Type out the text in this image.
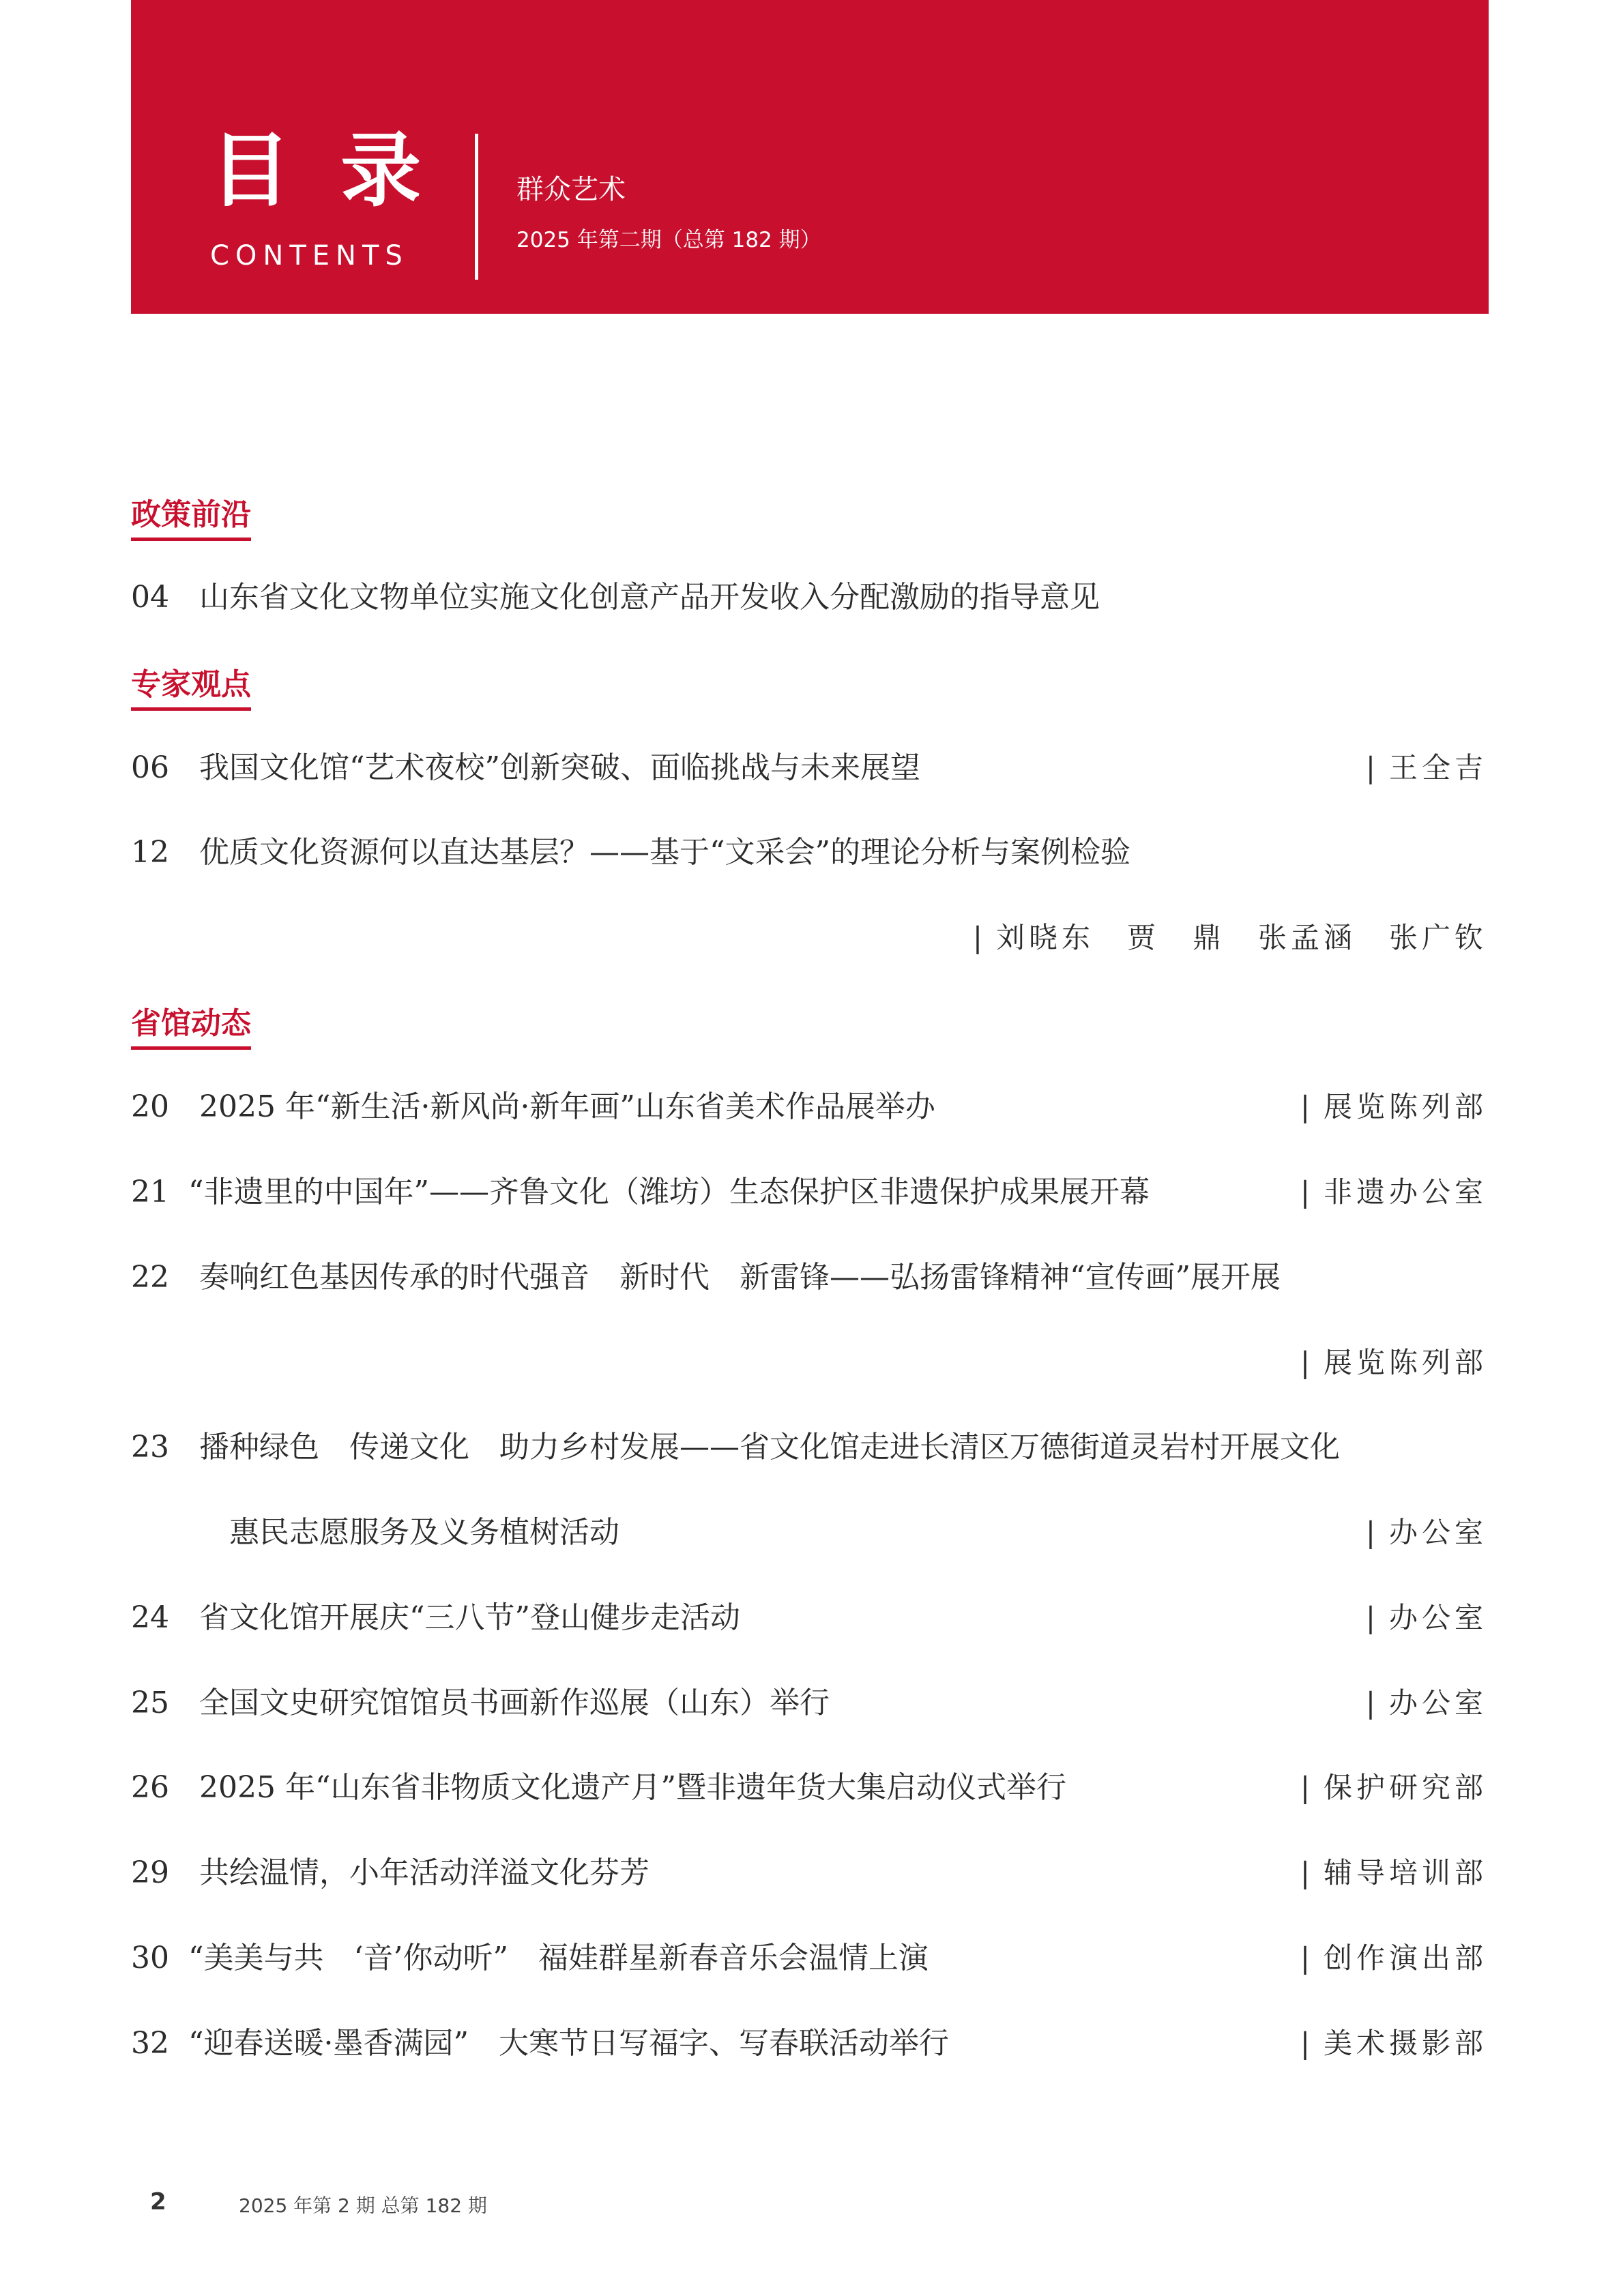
目 录
CONTENTS
群众艺术
2025 年第二期（总第 182 期）
政策前沿
04 山东省文化文物单位实施文化创意产品开发收入分配激励的指导意见
专家观点
06 我国文化馆“艺术夜校”创新突破、面临挑战与未来展望	| 王全吉
12 优质文化资源何以直达基层？——基于“文采会”的理论分析与案例检验
| 刘晓东　贾　鼎　张孟涵　张广钦
省馆动态
20 2025 年“新生活·新风尚·新年画”山东省美术作品展举办	| 展览陈列部
21 “非遗里的中国年”——齐鲁文化（潍坊）生态保护区非遗保护成果展开幕	| 非遗办公室
22 奏响红色基因传承的时代强音　新时代　新雷锋——弘扬雷锋精神“宣传画”展开展
| 展览陈列部
23 播种绿色　传递文化　助力乡村发展——省文化馆走进长清区万德街道灵岩村开展文化
惠民志愿服务及义务植树活动	| 办公室
24 省文化馆开展庆“三八节”登山健步走活动	| 办公室
25 全国文史研究馆馆员书画新作巡展（山东）举行	| 办公室
26 2025 年“山东省非物质文化遗产月”暨非遗年货大集启动仪式举行	| 保护研究部
29 共绘温情，小年活动洋溢文化芬芳	| 辅导培训部
30 “美美与共　‘音’你动听”　福娃群星新春音乐会温情上演	| 创作演出部
32 “迎春送暖·墨香满园”　大寒节日写福字、写春联活动举行	| 美术摄影部
2	2025 年第 2 期 总第 182 期
